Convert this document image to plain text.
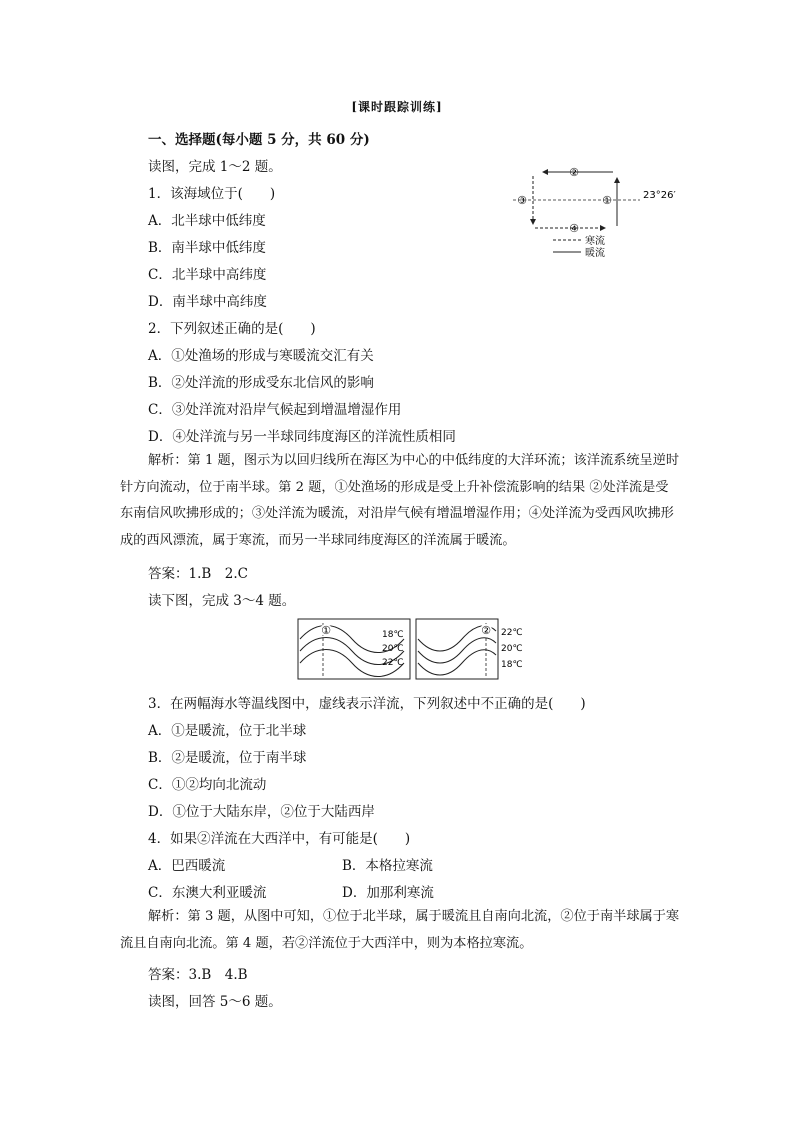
[课时跟踪训练]
一、选择题(每小题 5 分，共 60 分)
读图，完成 1～2 题。
1．该海域位于(　　)
A．北半球中低纬度
B．南半球中低纬度
C．北半球中高纬度
D．南半球中高纬度
②
③	①
④
23°26′
寒流
暖流
2．下列叙述正确的是(　　)
A．①处渔场的形成与寒暖流交汇有关
B．②处洋流的形成受东北信风的影响
C．③处洋流对沿岸气候起到增温增湿作用
D．④处洋流与另一半球同纬度海区的洋流性质相同
解析：第 1 题，图示为以回归线所在海区为中心的中低纬度的大洋环流；该洋流系统呈逆时针方向流动，位于南半球。第 2 题，①处渔场的形成是受上升补偿流影响的结果 ②处洋流是受东南信风吹拂形成的；③处洋流为暖流，对沿岸气候有增温增湿作用；④处洋流为受西风吹拂形成的西风漂流，属于寒流，而另一半球同纬度海区的洋流属于暖流。
答案：1.B　2.C
读下图，完成 3～4 题。
①	18℃
20℃
22℃
② 22℃
20℃
18℃
3．在两幅海水等温线图中，虚线表示洋流，下列叙述中不正确的是(　　)
A．①是暖流，位于北半球
B．②是暖流，位于南半球
C．①②均向北流动
D．①位于大陆东岸，②位于大陆西岸
4．如果②洋流在大西洋中，有可能是(　　)
A．巴西暖流	B．本格拉寒流
C．东澳大利亚暖流	D．加那利寒流
解析：第 3 题，从图中可知，①位于北半球，属于暖流且自南向北流，②位于南半球属于寒流且自南向北流。第 4 题，若②洋流位于大西洋中，则为本格拉寒流。
答案：3.B　4.B
读图，回答 5～6 题。
